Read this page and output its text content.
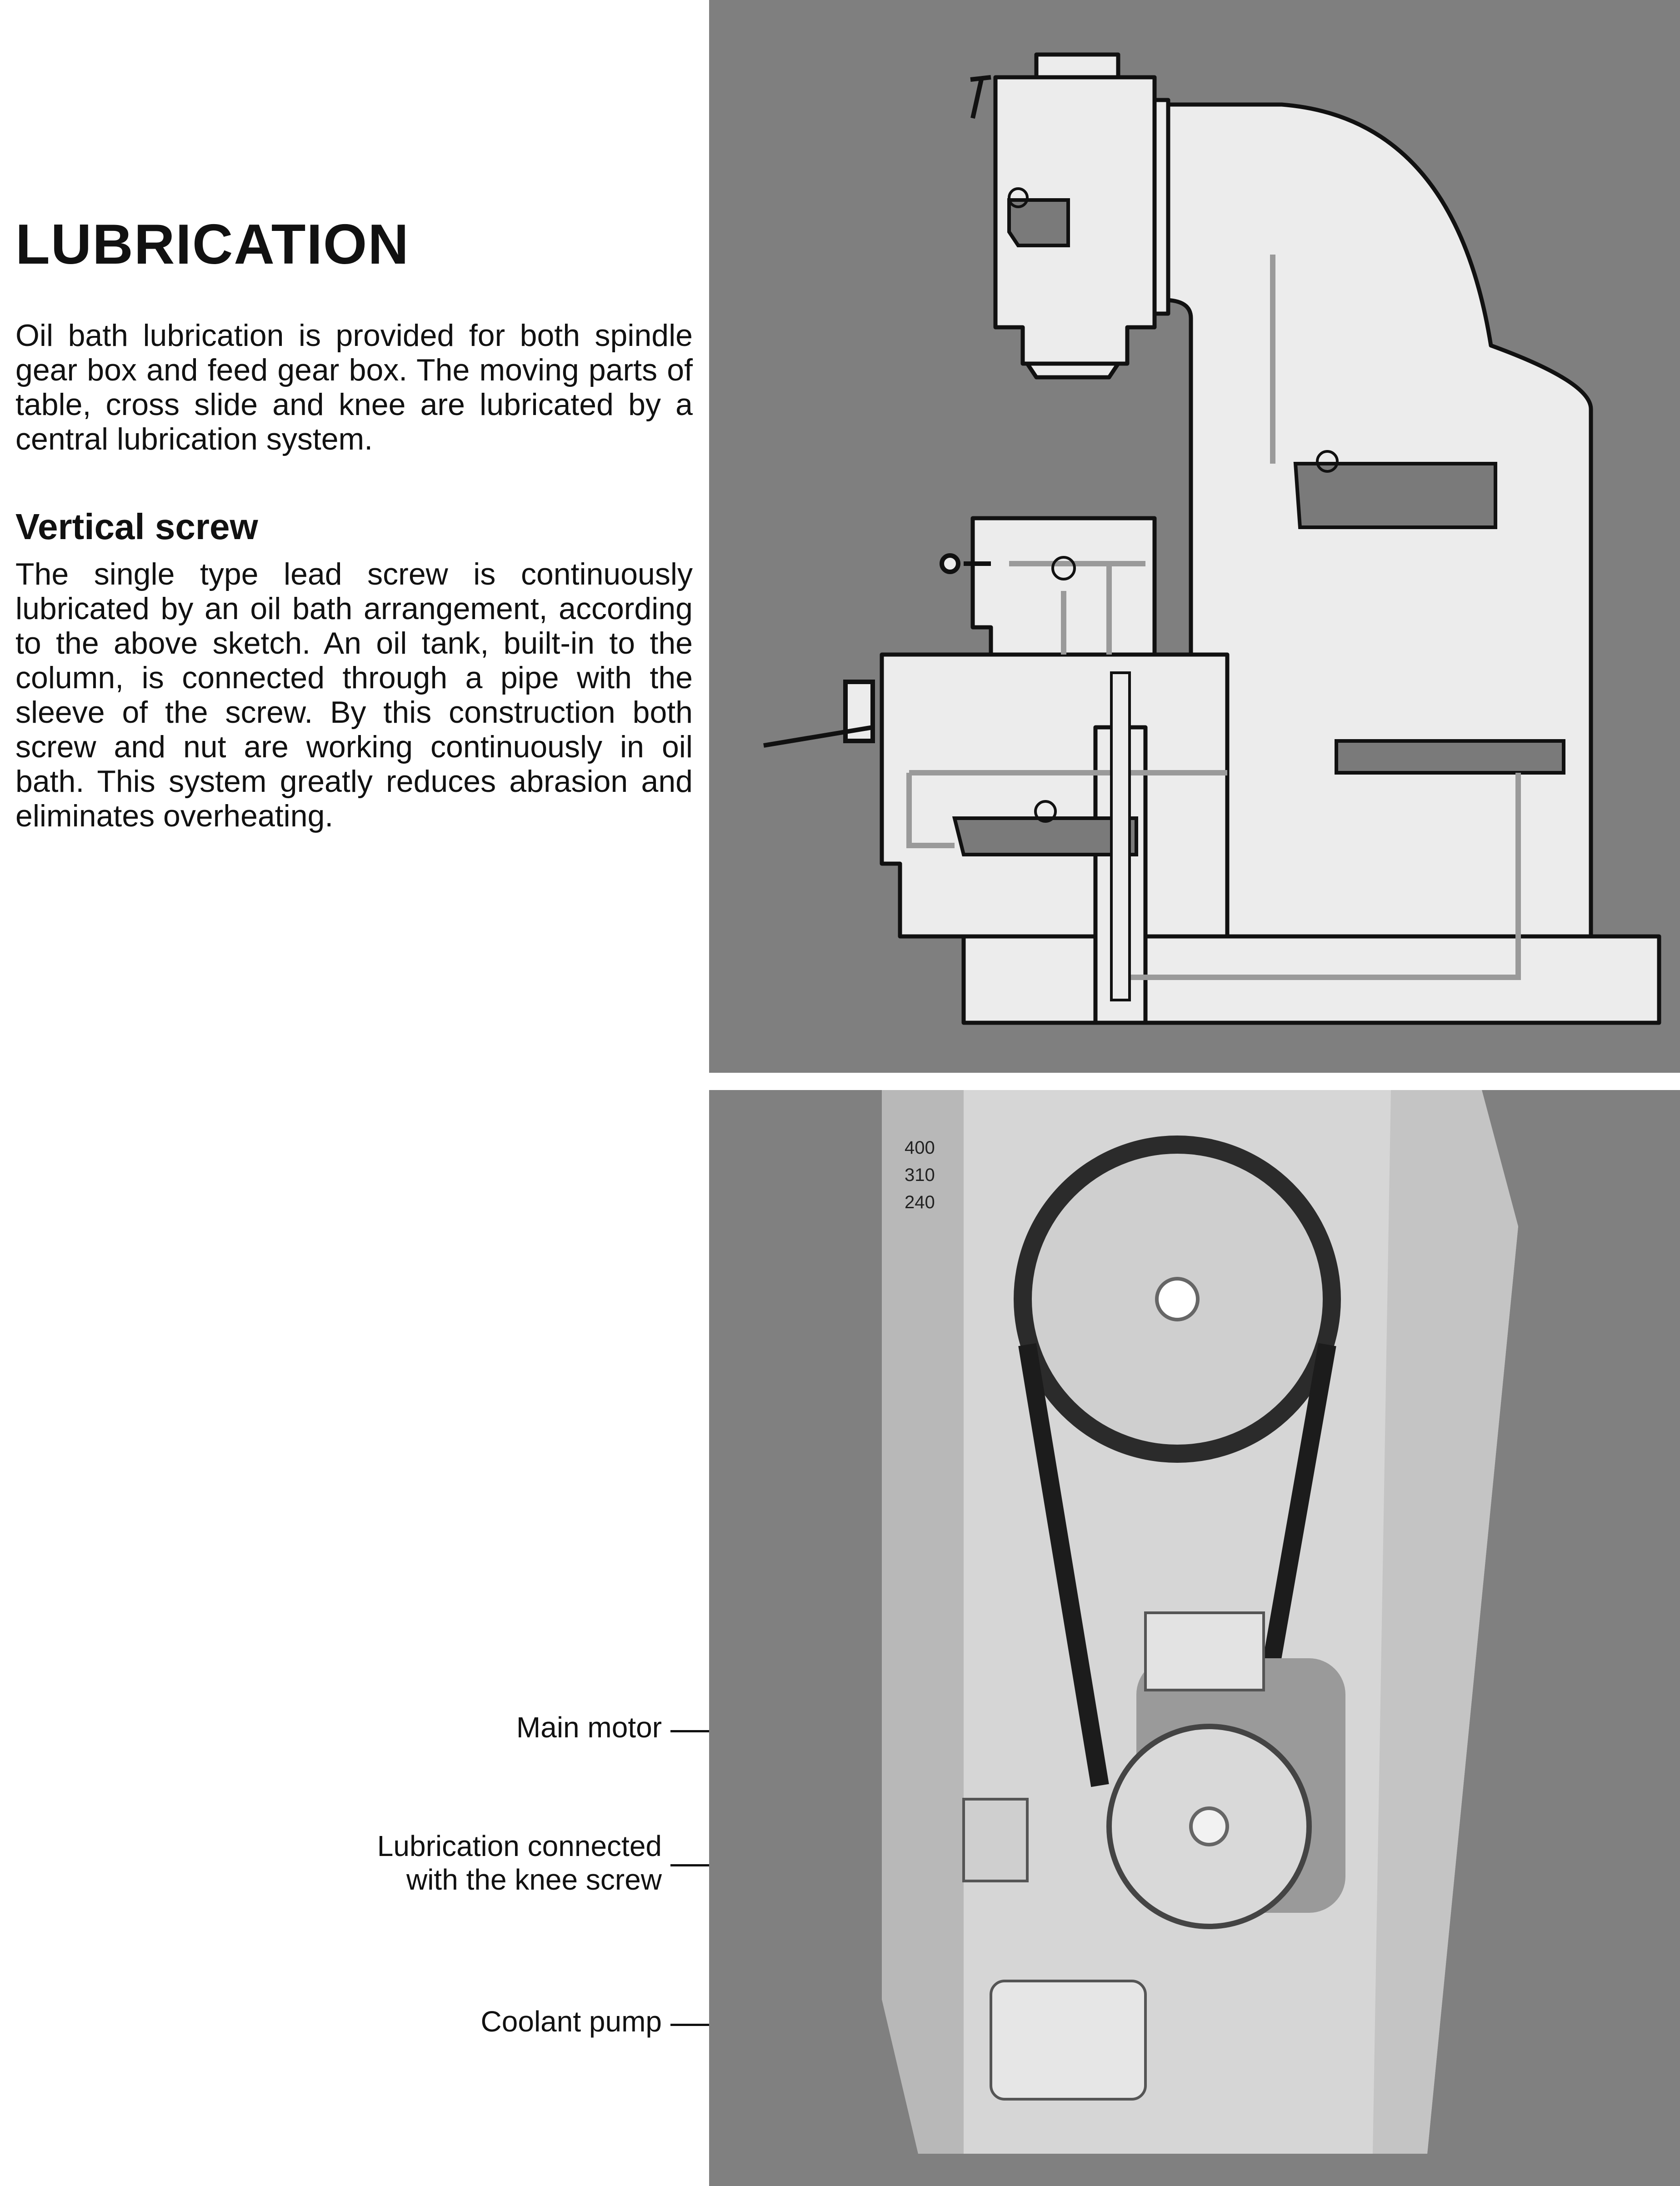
LUBRICATION

Oil bath lubrication is provided for both spindle gear box and feed gear box. The moving parts of table, cross slide and knee are lubricated by a central lubrication system.

Vertical screw

The single type lead screw is continuously lubricated by an oil bath arrangement, according to the above sketch. An oil tank, built-in to the column, is connected through a pipe with the sleeve of the screw. By this construction both screw and nut are working continuously in oil bath. This system greatly reduces abrasion and eliminates overheating.

400
310
240
Main motor
Lubrication connected
with the knee screw
Coolant pump
